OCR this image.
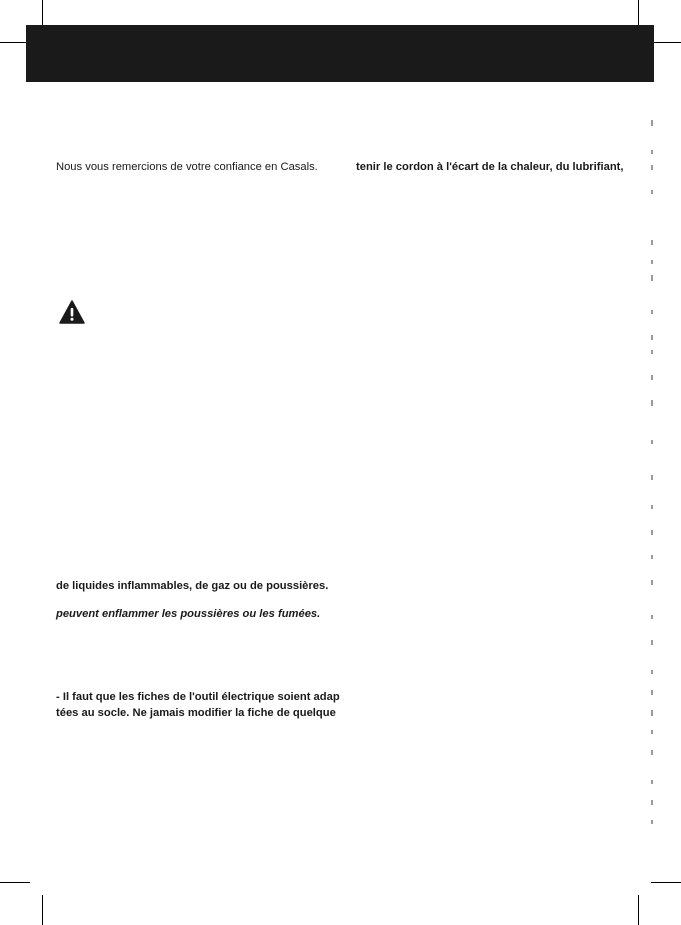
Nous vous remercions de votre confiance en Casals.	tenir le cordon à l'écart de la chaleur, du lubrifiant,
de liquides inflammables, de gaz ou de poussières.
peuvent enflammer les poussières ou les fumées.
- Il faut que les fiches de l'outil électrique soient adap
tées au socle. Ne jamais modifier la fiche de quelque
